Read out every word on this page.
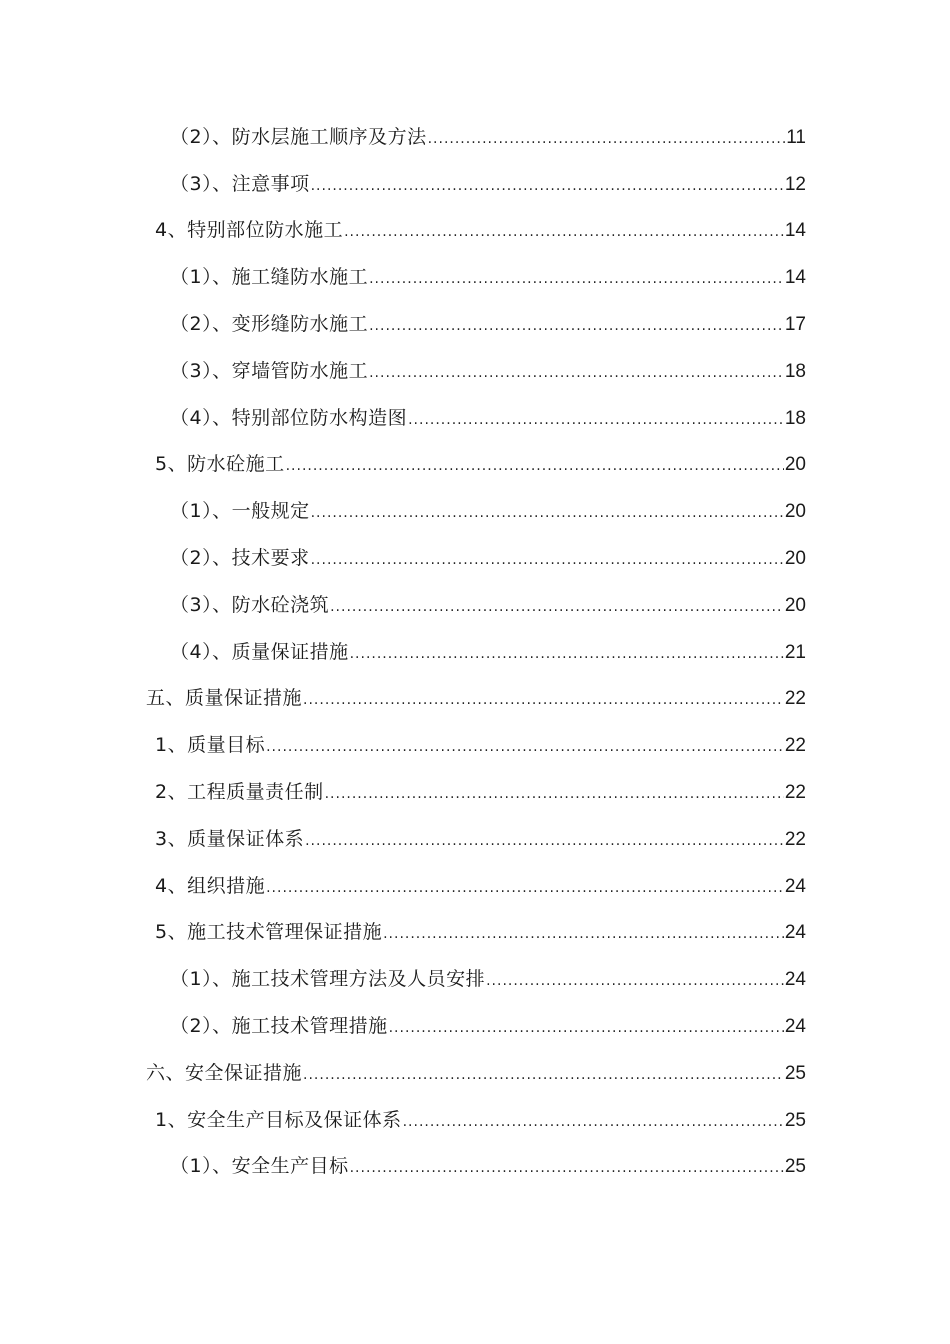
（2）、防水层施工顺序及方法 .....	11
（3）、注意事项 .....	12
4、特别部位防水施工 .....	14
（1）、施工缝防水施工 .....	14
（2）、变形缝防水施工 .....	17
（3）、穿墙管防水施工 .....	18
（4）、特别部位防水构造图 .....	18
5、防水砼施工 .....	20
（1）、一般规定 .....	20
（2）、技术要求 .....	20
（3）、防水砼浇筑 .....	20
（4）、质量保证措施 .....	21
五、质量保证措施 .....	22
1、质量目标 .....	22
2、工程质量责任制 .....	22
3、质量保证体系 .....	22
4、组织措施 .....	24
5、施工技术管理保证措施 .....	24
（1）、施工技术管理方法及人员安排 .....	24
（2）、施工技术管理措施 .....	24
六、安全保证措施 .....	25
1、安全生产目标及保证体系 .....	25
（1）、安全生产目标 .....	25
